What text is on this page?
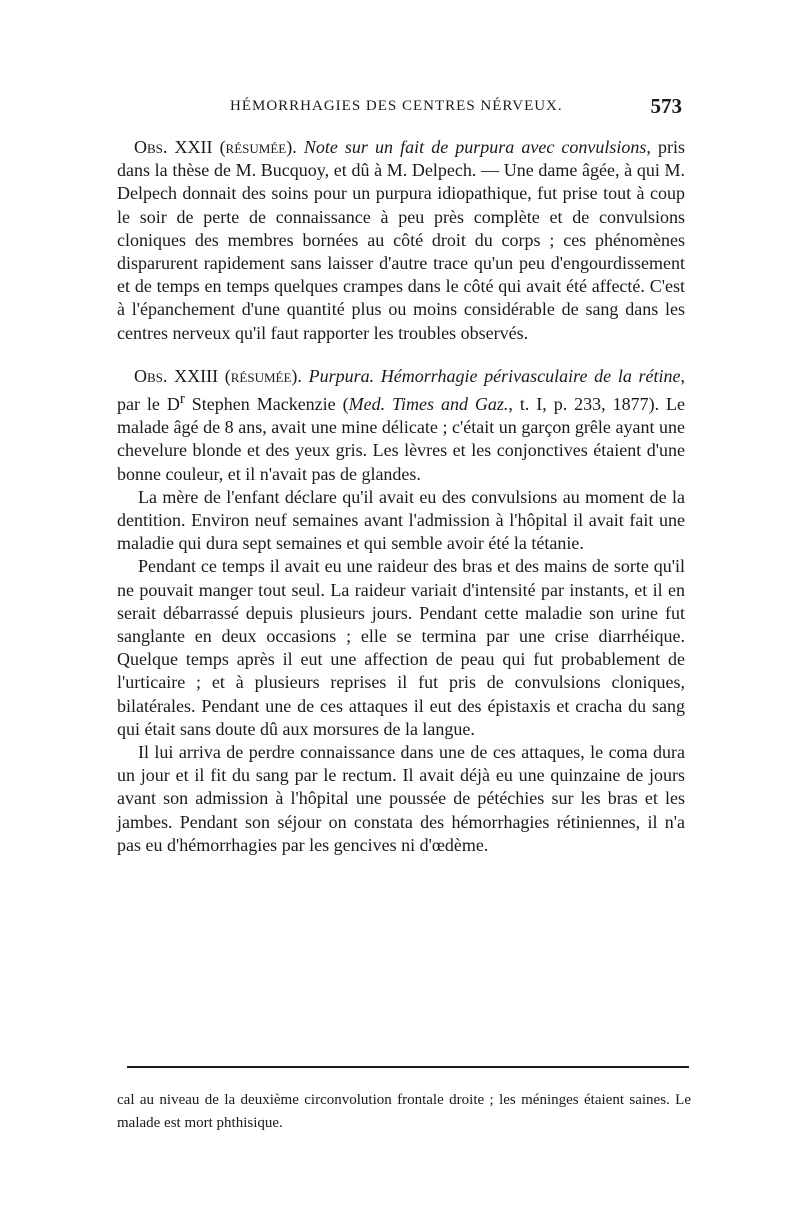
HÉMORRHAGIES DES CENTRES NÉRVEUX.	573

Obs. XXII (résumée). Note sur un fait de purpura avec convulsions, pris dans la thèse de M. Bucquoy, et dû à M. Delpech. — Une dame âgée, à qui M. Delpech donnait des soins pour un purpura idiopathique, fut prise tout à coup le soir de perte de connaissance à peu près complète et de convulsions cloniques des membres bornées au côté droit du corps ; ces phénomènes disparurent rapidement sans laisser d'autre trace qu'un peu d'engourdissement et de temps en temps quelques crampes dans le côté qui avait été affecté. C'est à l'épanchement d'une quantité plus ou moins considérable de sang dans les centres nerveux qu'il faut rapporter les troubles observés.

Obs. XXIII (résumée). Purpura. Hémorrhagie périvasculaire de la rétine, par le $D^r$ Stephen Mackenzie (Med. Times and Gaz., t. I, p. 233, 1877). Le malade âgé de 8 ans, avait une mine délicate ; c'était un garçon grêle ayant une chevelure blonde et des yeux gris. Les lèvres et les conjonctives étaient d'une bonne couleur, et il n'avait pas de glandes.

La mère de l'enfant déclare qu'il avait eu des convulsions au moment de la dentition. Environ neuf semaines avant l'admission à l'hôpital il avait fait une maladie qui dura sept semaines et qui semble avoir été la tétanie.

Pendant ce temps il avait eu une raideur des bras et des mains de sorte qu'il ne pouvait manger tout seul. La raideur variait d'intensité par instants, et il en serait débarrassé depuis plusieurs jours. Pendant cette maladie son urine fut sanglante en deux occasions ; elle se termina par une crise diarrhéique. Quelque temps après il eut une affection de peau qui fut probablement de l'urticaire ; et à plusieurs reprises il fut pris de convulsions cloniques, bilatérales. Pendant une de ces attaques il eut des épistaxis et cracha du sang qui était sans doute dû aux morsures de la langue.

Il lui arriva de perdre connaissance dans une de ces attaques, le coma dura un jour et il fit du sang par le rectum. Il avait déjà eu une quinzaine de jours avant son admission à l'hôpital une poussée de pétéchies sur les bras et les jambes. Pendant son séjour on constata des hémorrhagies rétiniennes, il n'a pas eu d'hémorrhagies par les gencives ni d'œdème.

cal au niveau de la deuxième circonvolution frontale droite ; les méninges étaient saines. Le malade est mort phthisique.
